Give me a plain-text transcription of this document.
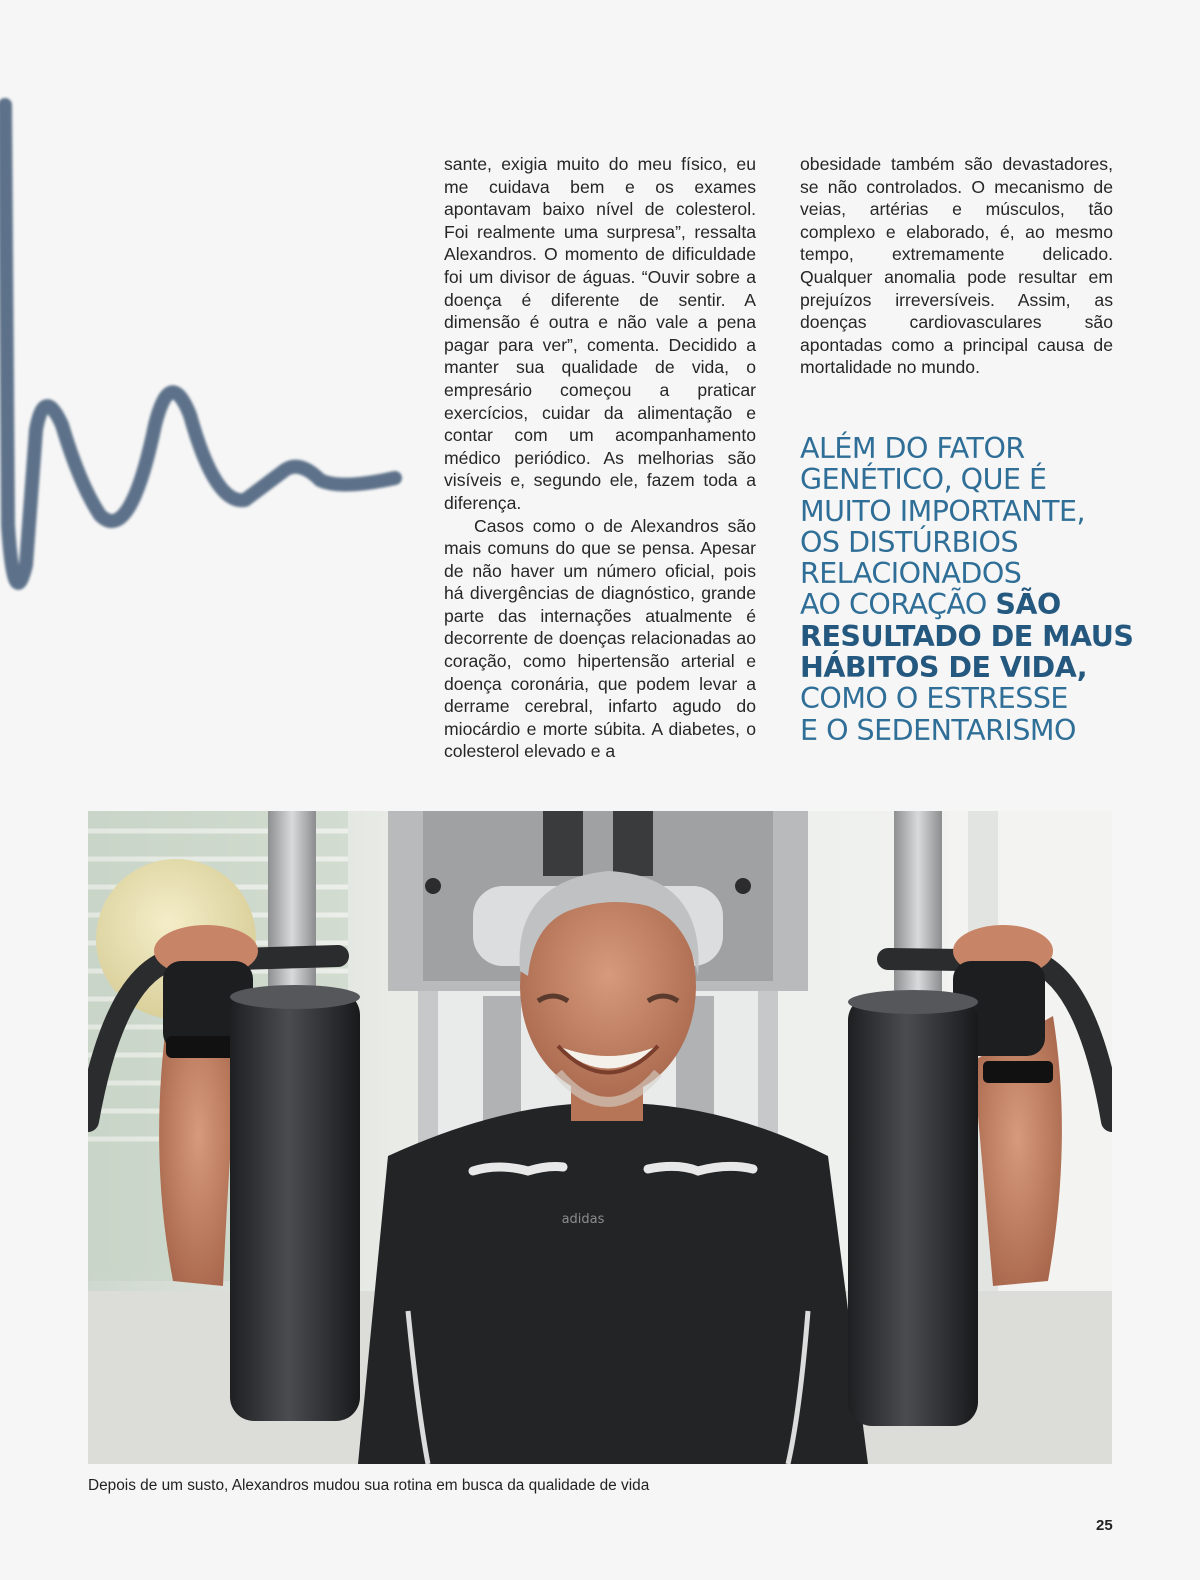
sante, exigia muito do meu físico, eu me cuidava bem e os exames apontavam baixo nível de colesterol. Foi realmente uma surpresa”, ressalta Alexandros. O momento de dificuldade foi um divisor de águas. “Ouvir sobre a doença é diferente de sentir. A dimensão é outra e não vale a pena pagar para ver”, comenta. Decidido a manter sua qualidade de vida, o empresário começou a praticar exercícios, cuidar da alimentação e contar com um acompanhamento médico periódico. As melhorias são visíveis e, segundo ele, fazem toda a diferença.

Casos como o de Alexandros são mais comuns do que se pensa. Apesar de não haver um número oficial, pois há divergências de diagnóstico, grande parte das internações atualmente é decorrente de doenças relacionadas ao coração, como hipertensão arterial e doença coronária, que podem levar a derrame cerebral, infarto agudo do miocárdio e morte súbita. A diabetes, o colesterol elevado e a

obesidade também são devastadores, se não controlados. O mecanismo de veias, artérias e músculos, tão complexo e elaborado, é, ao mesmo tempo, extremamente delicado. Qualquer anomalia pode resultar em prejuízos irreversíveis. Assim, as doenças cardiovasculares são apontadas como a principal causa de mortalidade no mundo.

ALÉM DO FATOR
GENÉTICO, QUE É
MUITO IMPORTANTE,
OS DISTÚRBIOS
RELACIONADOS
AO CORAÇÃO SÃO
RESULTADO DE MAUS
HÁBITOS DE VIDA,
COMO O ESTRESSE
E O SEDENTARISMO
adidas
Depois de um susto, Alexandros mudou sua rotina em busca da qualidade de vida
25
